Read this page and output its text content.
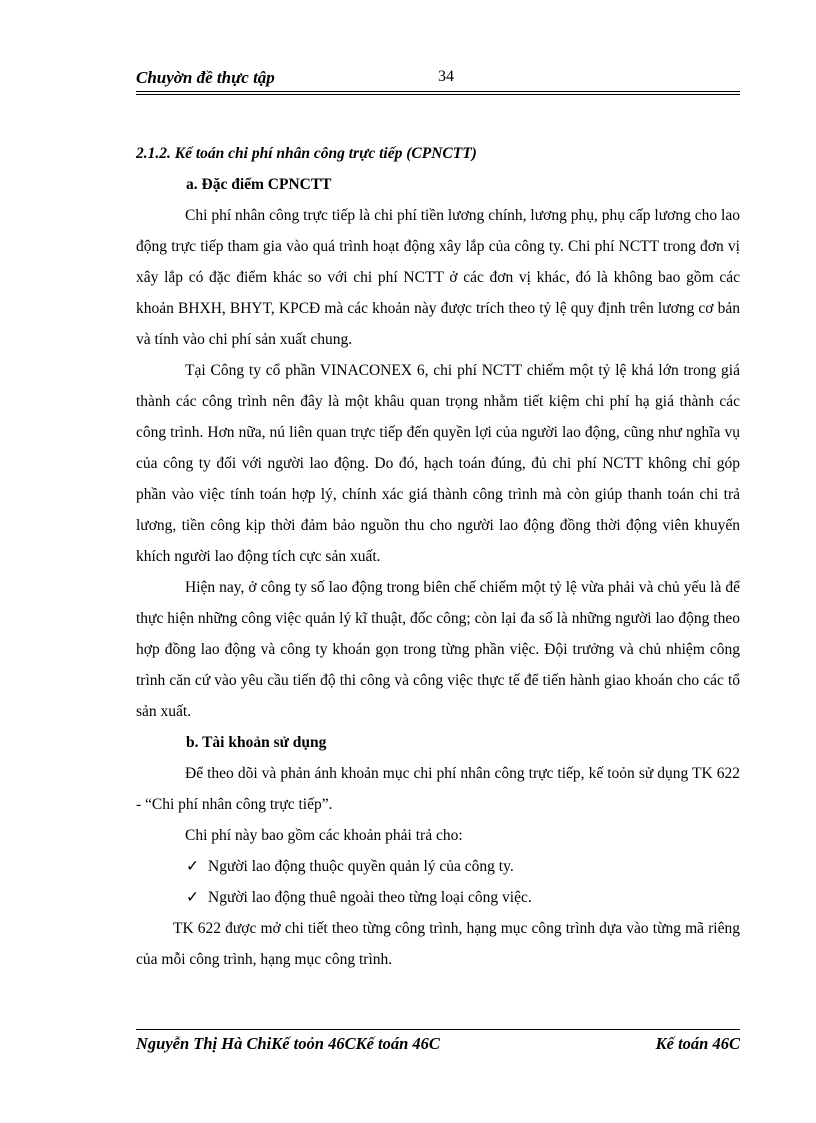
Chuyờn đề thực tập	34

2.1.2. Kế toán chi phí nhân công trực tiếp (CPNCTT)

a. Đặc điểm CPNCTT

Chi phí nhân công trực tiếp là chi phí tiền lương chính, lương phụ, phụ cấp lương cho lao động trực tiếp tham gia vào quá trình hoạt động xây lắp của công ty. Chi phí NCTT trong đơn vị xây lắp có đặc điểm khác so với chi phí NCTT ở các đơn vị khác, đó là không bao gồm các khoản BHXH, BHYT, KPCĐ mà các khoản này được trích theo tỷ lệ quy định trên lương cơ bản và tính vào chi phí sản xuất chung.

Tại Công ty cổ phần VINACONEX 6, chi phí NCTT chiếm một tỷ lệ khá lớn trong giá thành các công trình nên đây là một khâu quan trọng nhằm tiết kiệm chi phí hạ giá thành các công trình. Hơn nữa, nú liên quan trực tiếp đến quyền lợi của người lao động, cũng như nghĩa vụ của công ty đối với người lao động. Do đó, hạch toán đúng, đủ chi phí NCTT không chỉ góp phần vào việc tính toán hợp lý, chính xác giá thành công trình mà còn giúp thanh toán chi trả lương, tiền công kịp thời đảm bảo nguồn thu cho người lao động đồng thời động viên khuyến khích người lao động tích cực sản xuất.

Hiện nay, ở công ty số lao động trong biên chế chiếm một tỷ lệ vừa phải và chủ yếu là để thực hiện những công việc quản lý kĩ thuật, đốc công; còn lại đa số là những người lao động theo hợp đồng lao động và công ty khoán gọn trong từng phần việc. Đội trưởng và chủ nhiệm công trình căn cứ vào yêu cầu tiến độ thi công và công việc thực tế để tiến hành giao khoán cho các tổ sản xuất.

b. Tài khoản sử dụng

Để theo dõi và phản ánh khoản mục chi phí nhân công trực tiếp, kế toỏn sử dụng TK 622 - “Chi phí nhân công trực tiếp”.

Chi phí này bao gồm các khoản phải trả cho:

✓ Người lao động thuộc quyền quản lý của công ty.
✓ Người lao động thuê ngoài theo từng loại công việc.

TK 622 được mở chi tiết theo từng công trình, hạng mục công trình dựa vào từng mã riêng của mỗi công trình, hạng mục công trình.

Nguyễn Thị Hà ChiKế toỏn 46CKế toán 46C	Kế toán 46C
